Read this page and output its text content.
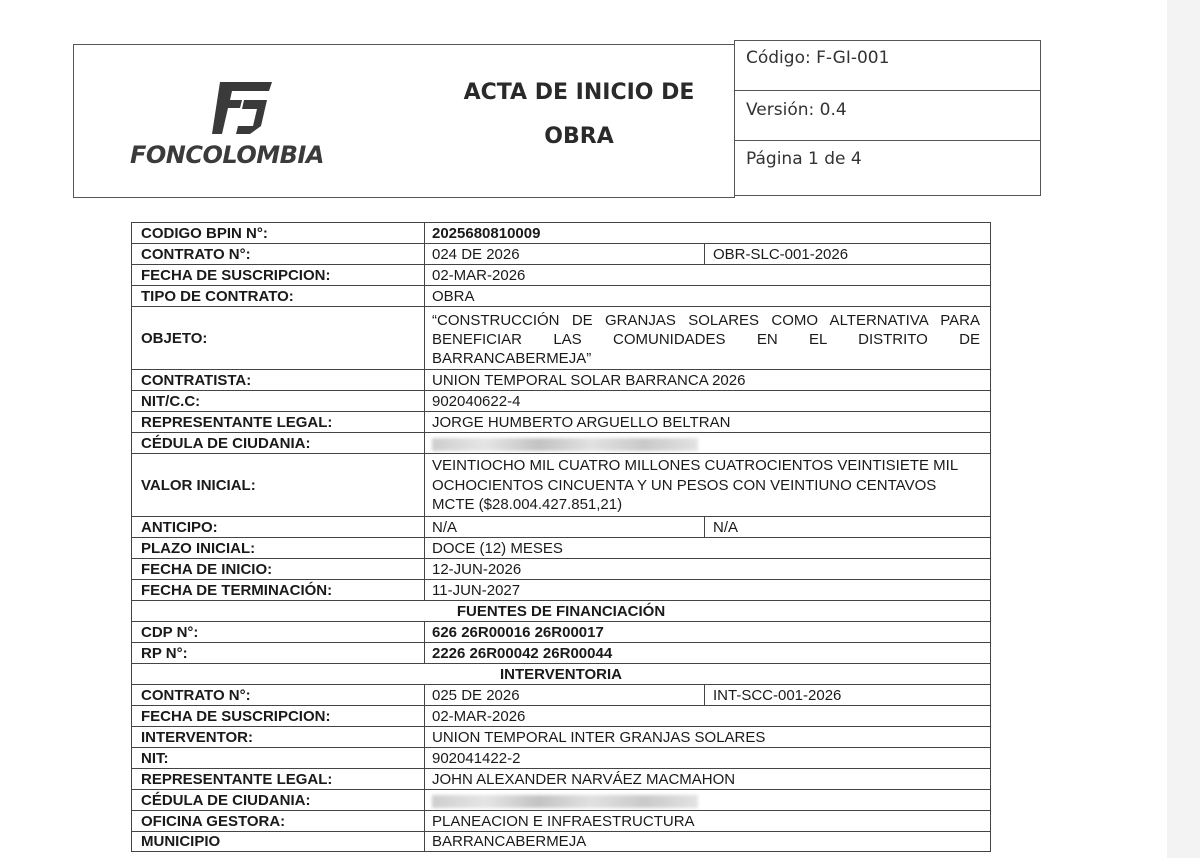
FONCOLOMBIA
ACTA DE INICIO DE
OBRA
Código: F-GI-001
Versión: 0.4
Página 1 de 4
CODIGO BPIN N°:	2025680810009
CONTRATO N°:	024 DE 2026	OBR-SLC-001-2026
FECHA DE SUSCRIPCION:	02-MAR-2026
TIPO DE CONTRATO:	OBRA
OBJETO:
“CONSTRUCCIÓN DE GRANJAS SOLARES COMO ALTERNATIVA PARA BENEFICIAR LAS COMUNIDADES EN EL DISTRITO DE BARRANCABERMEJA”
CONTRATISTA:	UNION TEMPORAL SOLAR BARRANCA 2026
NIT/C.C:	902040622-4
REPRESENTANTE LEGAL:	JORGE HUMBERTO ARGUELLO BELTRAN
CÉDULA DE CIUDANIA:
VALOR INICIAL:
VEINTIOCHO MIL CUATRO MILLONES CUATROCIENTOS VEINTISIETE MIL OCHOCIENTOS CINCUENTA Y UN PESOS CON VEINTIUNO CENTAVOS MCTE ($28.004.427.851,21)
ANTICIPO:	N/A	N/A
PLAZO INICIAL:	DOCE (12) MESES
FECHA DE INICIO:	12-JUN-2026
FECHA DE TERMINACIÓN:	11-JUN-2027
FUENTES DE FINANCIACIÓN
CDP N°:	626 26R00016 26R00017
RP N°:	2226 26R00042 26R00044
INTERVENTORIA
CONTRATO N°:	025 DE 2026	INT-SCC-001-2026
FECHA DE SUSCRIPCION:	02-MAR-2026
INTERVENTOR:	UNION TEMPORAL INTER GRANJAS SOLARES
NIT:	902041422-2
REPRESENTANTE LEGAL:	JOHN ALEXANDER NARVÁEZ MACMAHON
CÉDULA DE CIUDANIA:
OFICINA GESTORA:	PLANEACION E INFRAESTRUCTURA
MUNICIPIO	BARRANCABERMEJA
